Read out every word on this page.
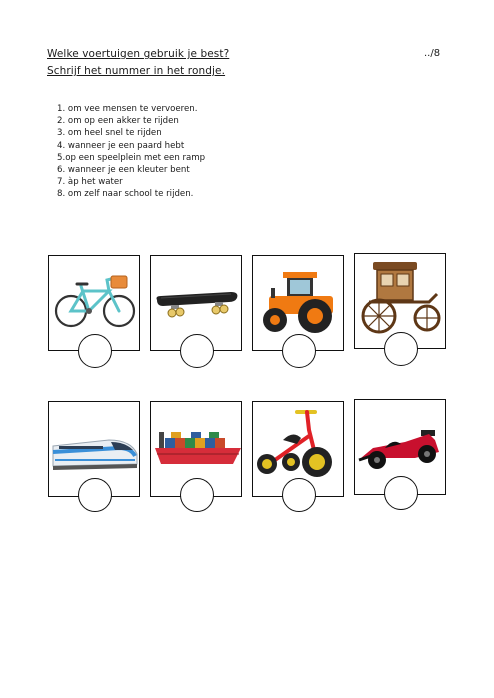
Welke voertuigen gebruik je best?
Schrijf het nummer in het rondje.
../8
1. om vee mensen te vervoeren.
2. om op een akker te rijden
3. om heel snel te rijden
4. wanneer je een paard hebt
5.op een speelplein met een ramp
6. wanneer je een kleuter bent
7. àp het water
8. om zelf naar school te rijden.
